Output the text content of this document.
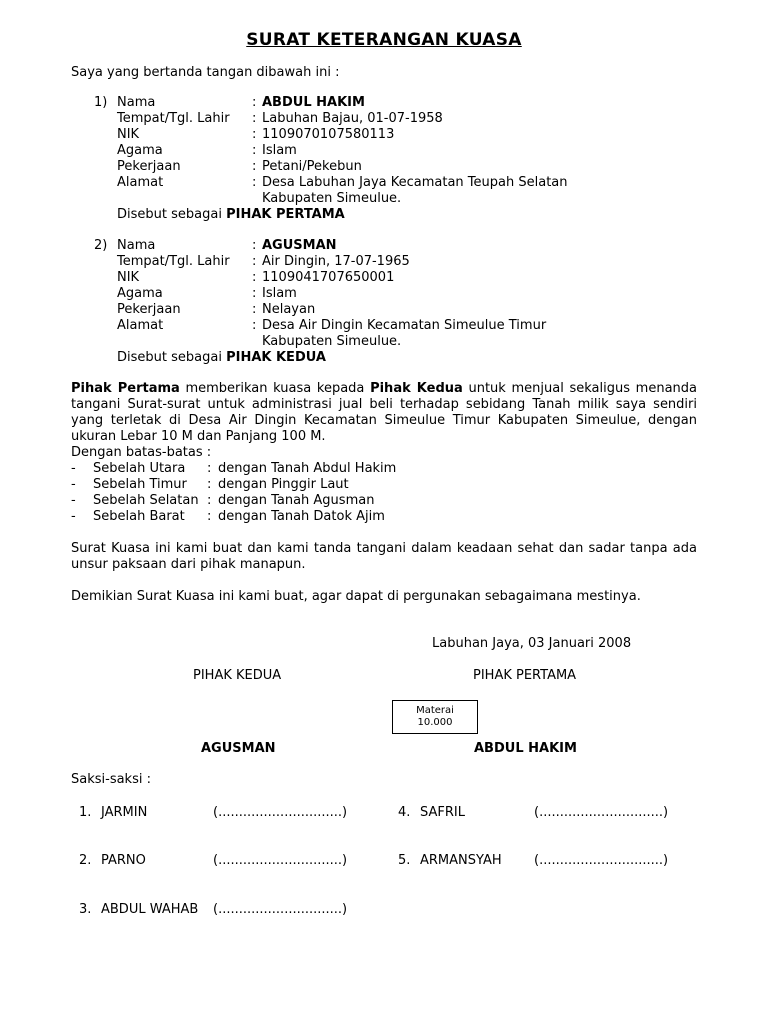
SURAT KETERANGAN KUASA
Saya yang bertanda tangan dibawah ini :
1) Nama	: ABDUL HAKIM
Tempat/Tgl. Lahir : Labuhan Bajau, 01-07-1958
NIK	: 1109070107580113
Agama	: Islam
Pekerjaan	: Petani/Pekebun
Alamat	: Desa Labuhan Jaya Kecamatan Teupah Selatan
Kabupaten Simeulue.
Disebut sebagai PIHAK PERTAMA
2) Nama	: AGUSMAN
Tempat/Tgl. Lahir : Air Dingin, 17-07-1965
NIK	: 1109041707650001
Agama	: Islam
Pekerjaan	: Nelayan
Alamat	: Desa Air Dingin Kecamatan Simeulue Timur
Kabupaten Simeulue.
Disebut sebagai PIHAK KEDUA
Pihak Pertama memberikan kuasa kepada Pihak Kedua untuk menjual sekaligus menanda tangani Surat-surat untuk administrasi jual beli terhadap sebidang Tanah milik saya sendiri yang terletak di Desa Air Dingin Kecamatan Simeulue Timur Kabupaten Simeulue, dengan ukuran Lebar 10 M dan Panjang 100 M.
Dengan batas-batas :
- Sebelah Utara : dengan Tanah Abdul Hakim
- Sebelah Timur : dengan Pinggir Laut
- Sebelah Selatan : dengan Tanah Agusman
- Sebelah Barat : dengan Tanah Datok Ajim
Surat Kuasa ini kami buat dan kami tanda tangani dalam keadaan sehat dan sadar tanpa ada unsur paksaan dari pihak manapun.
Demikian Surat Kuasa ini kami buat, agar dapat di pergunakan sebagaimana mestinya.
Labuhan Jaya, 03 Januari 2008
PIHAK KEDUA	PIHAK PERTAMA
Materai
10.000
AGUSMAN	ABDUL HAKIM
Saksi-saksi :
1. JARMIN	(..............................)
2. PARNO	(..............................)
3. ABDUL WAHAB (..............................)
4. SAFRIL	(..............................)
5. ARMANSYAH (..............................)
